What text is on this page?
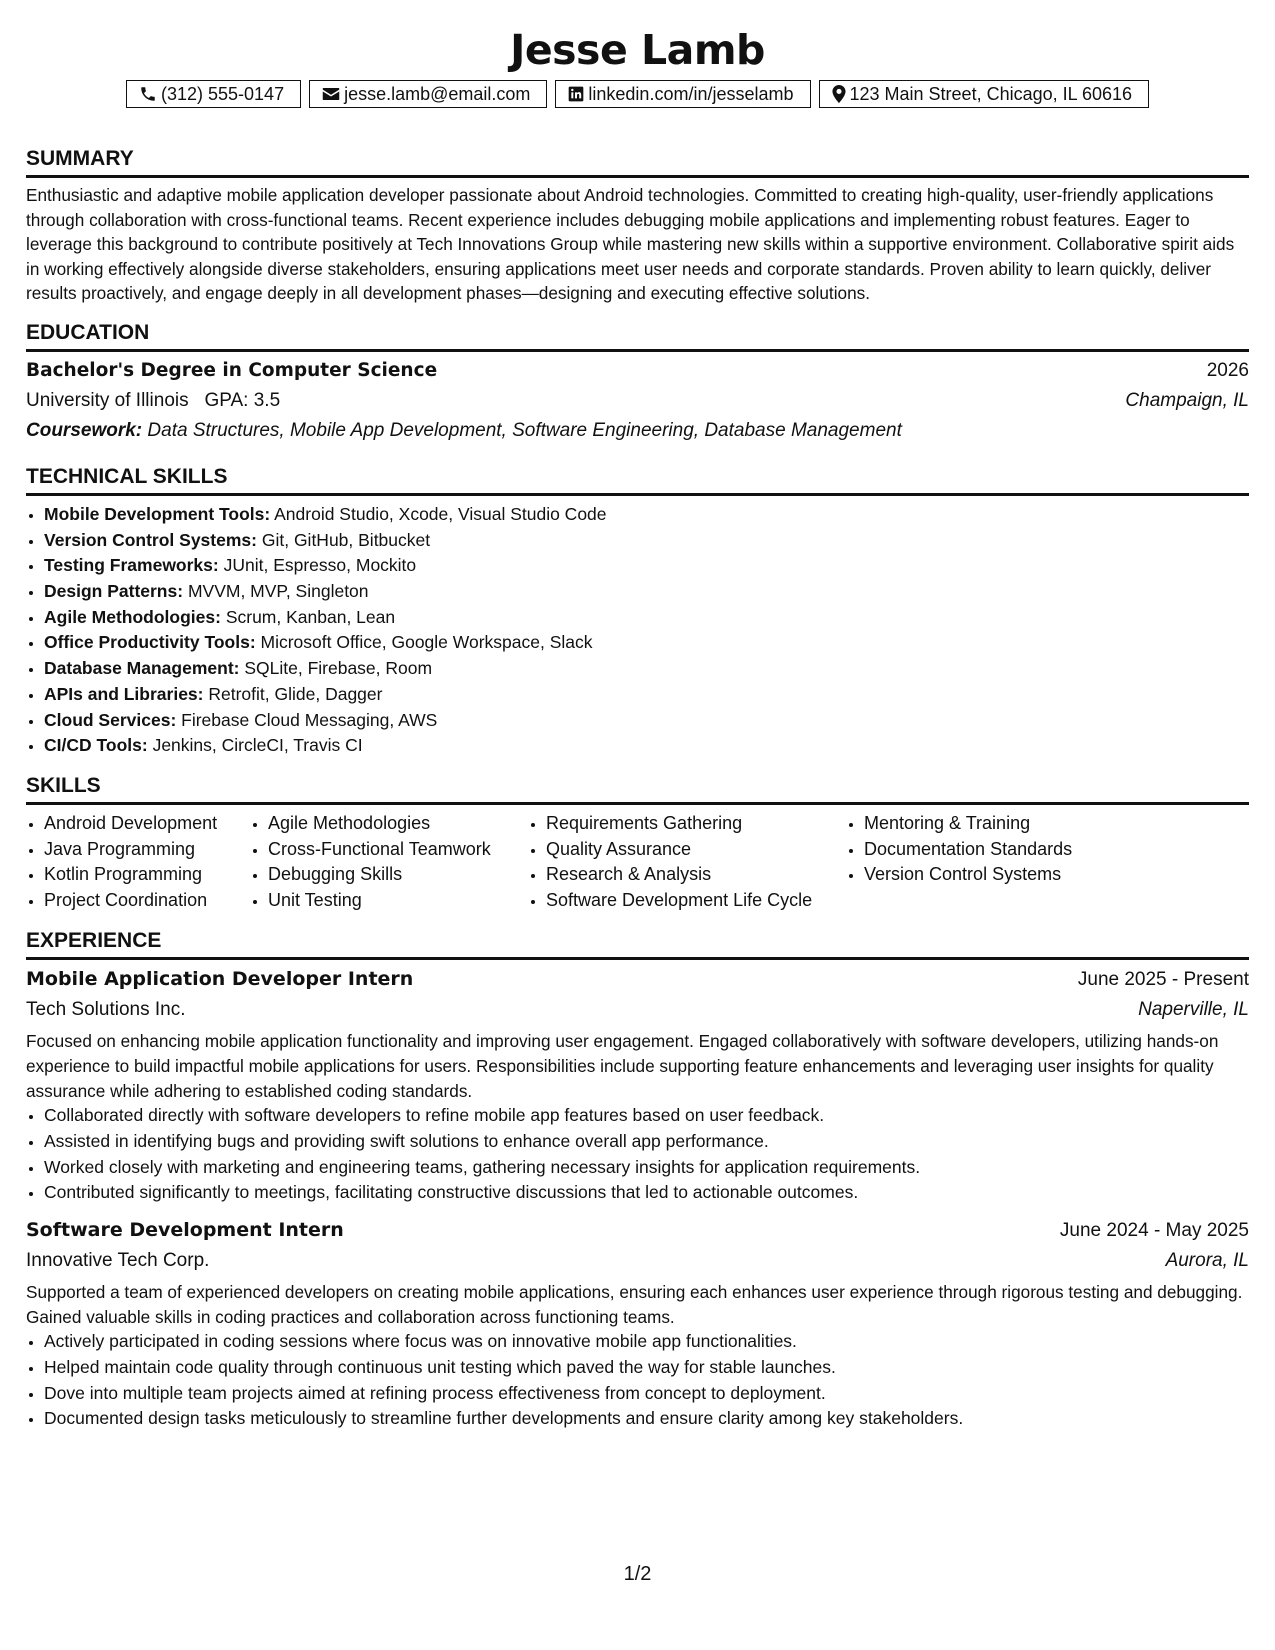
Jesse Lamb
(312) 555-0147	jesse.lamb@email.com	linkedin.com/in/jesselamb	123 Main Street, Chicago, IL 60616
SUMMARY

Enthusiastic and adaptive mobile application developer passionate about Android technologies. Committed to creating high-quality, user-friendly applications through collaboration with cross-functional teams. Recent experience includes debugging mobile applications and implementing robust features. Eager to leverage this background to contribute positively at Tech Innovations Group while mastering new skills within a supportive environment. Collaborative spirit aids in working effectively alongside diverse stakeholders, ensuring applications meet user needs and corporate standards. Proven ability to learn quickly, deliver results proactively, and engage deeply in all development phases—designing and executing effective solutions.

EDUCATION
Bachelor's Degree in Computer Science	2026
University of Illinois GPA: 3.5	Champaign, IL
Coursework: Data Structures, Mobile App Development, Software Engineering, Database Management
TECHNICAL SKILLS
• Mobile Development Tools: Android Studio, Xcode, Visual Studio Code
• Version Control Systems: Git, GitHub, Bitbucket
• Testing Frameworks: JUnit, Espresso, Mockito
• Design Patterns: MVVM, MVP, Singleton
• Agile Methodologies: Scrum, Kanban, Lean
• Office Productivity Tools: Microsoft Office, Google Workspace, Slack
• Database Management: SQLite, Firebase, Room
• APIs and Libraries: Retrofit, Glide, Dagger
• Cloud Services: Firebase Cloud Messaging, AWS
• CI/CD Tools: Jenkins, CircleCI, Travis CI
SKILLS
• Android Development
• Java Programming
• Kotlin Programming
• Project Coordination
• Agile Methodologies
• Cross-Functional Teamwork
• Debugging Skills
• Unit Testing
• Requirements Gathering
• Quality Assurance
• Research & Analysis
• Software Development Life Cycle
• Mentoring & Training
• Documentation Standards
• Version Control Systems
EXPERIENCE
Mobile Application Developer Intern	June 2025 - Present
Tech Solutions Inc.	Naperville, IL

Focused on enhancing mobile application functionality and improving user engagement. Engaged collaboratively with software developers, utilizing hands-on experience to build impactful mobile applications for users. Responsibilities include supporting feature enhancements and leveraging user insights for quality assurance while adhering to established coding standards.

• Collaborated directly with software developers to refine mobile app features based on user feedback.
• Assisted in identifying bugs and providing swift solutions to enhance overall app performance.
• Worked closely with marketing and engineering teams, gathering necessary insights for application requirements.
• Contributed significantly to meetings, facilitating constructive discussions that led to actionable outcomes.
Software Development Intern	June 2024 - May 2025
Innovative Tech Corp.	Aurora, IL

Supported a team of experienced developers on creating mobile applications, ensuring each enhances user experience through rigorous testing and debugging. Gained valuable skills in coding practices and collaboration across functioning teams.

• Actively participated in coding sessions where focus was on innovative mobile app functionalities.
• Helped maintain code quality through continuous unit testing which paved the way for stable launches.
• Dove into multiple team projects aimed at refining process effectiveness from concept to deployment.
• Documented design tasks meticulously to streamline further developments and ensure clarity among key stakeholders.
1/2
